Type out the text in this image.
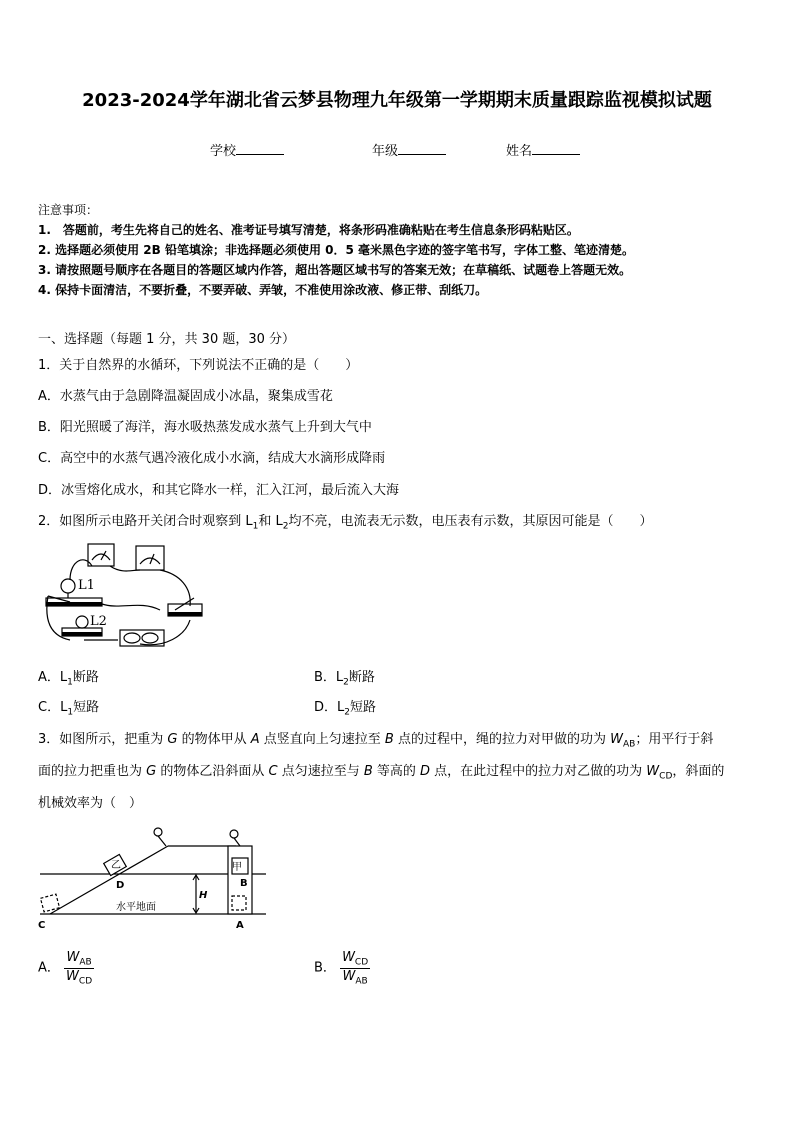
2023-2024学年湖北省云梦县物理九年级第一学期期末质量跟踪监视模拟试题
学校	年级	姓名
注意事项：
1.　答题前，考生先将自己的姓名、准考证号填写清楚，将条形码准确粘贴在考生信息条形码粘贴区。
2. 选择题必须使用 2B 铅笔填涂；非选择题必须使用 0．5 毫米黑色字迹的签字笔书写，字体工整、笔迹清楚。
3. 请按照题号顺序在各题目的答题区域内作答，超出答题区域书写的答案无效；在草稿纸、试题卷上答题无效。
4. 保持卡面清洁，不要折叠，不要弄破、弄皱，不准使用涂改液、修正带、刮纸刀。
一、选择题（每题 1 分，共 30 题，30 分）
1．关于自然界的水循环，下列说法不正确的是（　　）
A．水蒸气由于急剧降温凝固成小冰晶，聚集成雪花
B．阳光照暖了海洋，海水吸热蒸发成水蒸气上升到大气中
C．高空中的水蒸气遇冷液化成小水滴，结成大水滴形成降雨
D．冰雪熔化成水，和其它降水一样，汇入江河，最后流入大海
2．如图所示电路开关闭合时观察到 $L_1$和 $L_2$均不亮，电流表无示数，电压表有示数，其原因可能是（　　）
L1
L2
A．$L_1$断路	B．$L_2$断路
C．$L_1$短路	D．$L_2$短路
3．如图所示，把重为 G 的物体甲从 A 点竖直向上匀速拉至 B 点的过程中，绳的拉力对甲做的功为 $W_{AB}$；用平行于斜
面的拉力把重也为 G 的物体乙沿斜面从 C 点匀速拉至与 B 等高的 D 点，在此过程中的拉力对乙做的功为 $W_{CD}$，斜面的
机械效率为（　）
甲
乙
C
D
A
B
H
水平地面
A． $\frac{W_{AB}}{W_{CD}}$	B． $\frac{W_{CD}}{W_{AB}}$
